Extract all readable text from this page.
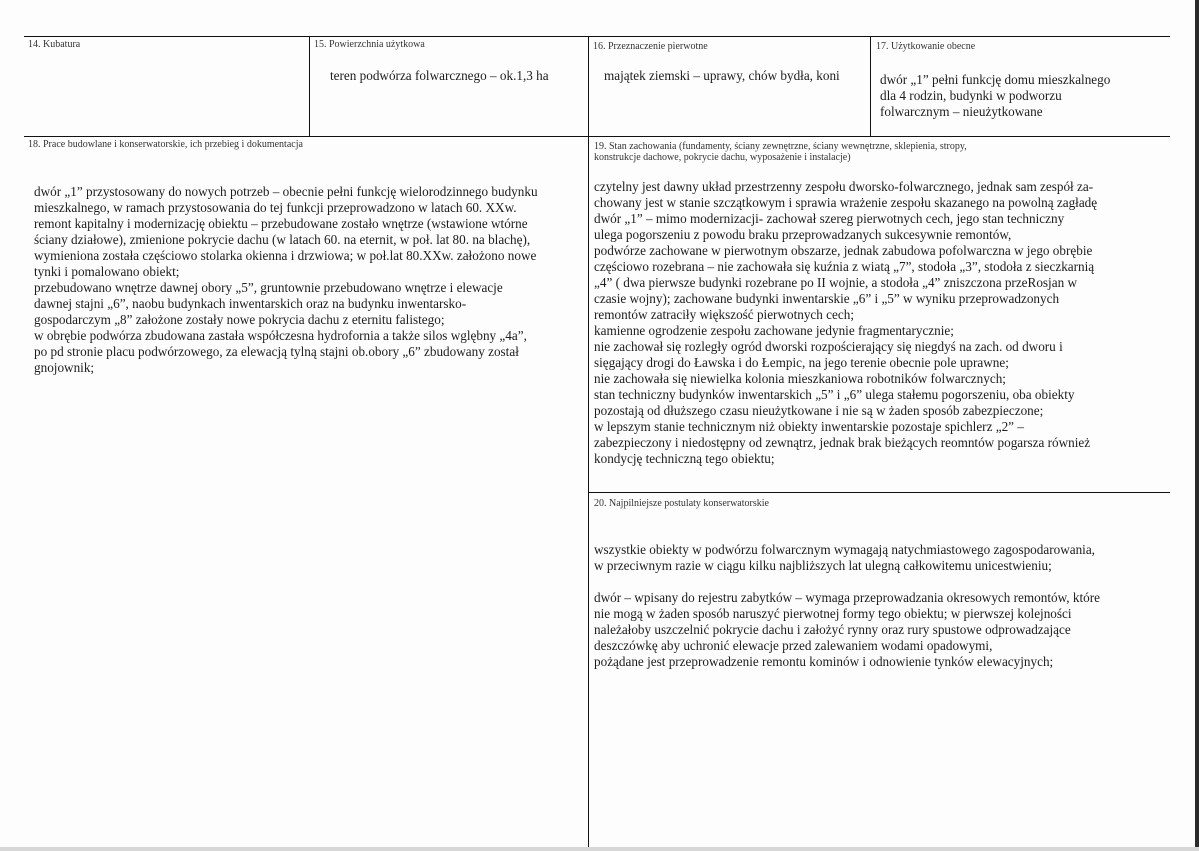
14. Kubatura	15. Powierzchnia użytkowa
teren podwórza folwarcznego – ok.1,3 ha
16. Przeznaczenie pierwotne
majątek ziemski – uprawy, chów bydła, koni
17. Użytkowanie obecne
dwór „1” pełni funkcję domu mieszkalnego
dla 4 rodzin, budynki w podworzu
folwarcznym – nieużytkowane
18. Prace budowlane i konserwatorskie, ich przebieg i dokumentacja
dwór „1” przystosowany do nowych potrzeb – obecnie pełni funkcję wielorodzinnego budynku
mieszkalnego, w ramach przystosowania do tej funkcji przeprowadzono w latach 60. XXw.
remont kapitalny i modernizację obiektu – przebudowane zostało wnętrze (wstawione wtórne
ściany działowe), zmienione pokrycie dachu (w latach 60. na eternit, w poł. lat 80. na blachę),
wymieniona została częściowo stolarka okienna i drzwiowa; w poł.lat 80.XXw. założono nowe
tynki i pomalowano obiekt;
przebudowano wnętrze dawnej obory „5”, gruntownie przebudowano wnętrze i elewacje
dawnej stajni „6”, naobu budynkach inwentarskich oraz na budynku inwentarsko-
gospodarczym „8” założone zostały nowe pokrycia dachu z eternitu falistego;
w obrębie podwórza zbudowana zastała współczesna hydrofornia a także silos wglębny „4a”,
po pd stronie placu podwórzowego, za elewacją tylną stajni ob.obory „6” zbudowany został
gnojownik;
19. Stan zachowania (fundamenty, ściany zewnętrzne, ściany wewnętrzne, sklepienia, stropy,
konstrukcje dachowe, pokrycie dachu, wyposażenie i instalacje)
czytelny jest dawny układ przestrzenny zespołu dworsko-folwarcznego, jednak sam zespół za-
chowany jest w stanie szczątkowym i sprawia wrażenie zespołu skazanego na powolną zagładę
dwór „1” – mimo modernizacji- zachował szereg pierwotnych cech, jego stan techniczny
ulega pogorszeniu z powodu braku przeprowadzanych sukcesywnie remontów,
podwórze zachowane w pierwotnym obszarze, jednak zabudowa pofolwarczna w jego obrębie
częściowo rozebrana – nie zachowała się kuźnia z wiatą „7”, stodoła „3”, stodoła z sieczkarnią
„4” ( dwa pierwsze budynki rozebrane po II wojnie, a stodoła „4” zniszczona przeRosjan w
czasie wojny); zachowane budynki inwentarskie „6” i „5” w wyniku przeprowadzonych
remontów zatraciły większość pierwotnych cech;
kamienne ogrodzenie zespołu zachowane jedynie fragmentarycznie;
nie zachował się rozległy ogród dworski rozpościerający się niegdyś na zach. od dworu i
sięgający drogi do Ławska i do Łempic, na jego terenie obecnie pole uprawne;
nie zachowała się niewielka kolonia mieszkaniowa robotników folwarcznych;
stan techniczny budynków inwentarskich „5” i „6” ulega stałemu pogorszeniu, oba obiekty
pozostają od dłuższego czasu nieużytkowane i nie są w żaden sposób zabezpieczone;
w lepszym stanie technicznym niż obiekty inwentarskie pozostaje spichlerz „2” –
zabezpieczony i niedostępny od zewnątrz, jednak brak bieżących reomntów pogarsza również
kondycję techniczną tego obiektu;
20. Najpilniejsze postulaty konserwatorskie
wszystkie obiekty w podwórzu folwarcznym wymagają natychmiastowego zagospodarowania,
w przeciwnym razie w ciągu kilku najbliższych lat ulegną całkowitemu unicestwieniu;
dwór – wpisany do rejestru zabytków – wymaga przeprowadzania okresowych remontów, które
nie mogą w żaden sposób naruszyć pierwotnej formy tego obiektu; w pierwszej kolejności
należałoby uszczelnić pokrycie dachu i założyć rynny oraz rury spustowe odprowadzające
deszczówkę aby uchronić elewacje przed zalewaniem wodami opadowymi,
pożądane jest przeprowadzenie remontu kominów i odnowienie tynków elewacyjnych;
